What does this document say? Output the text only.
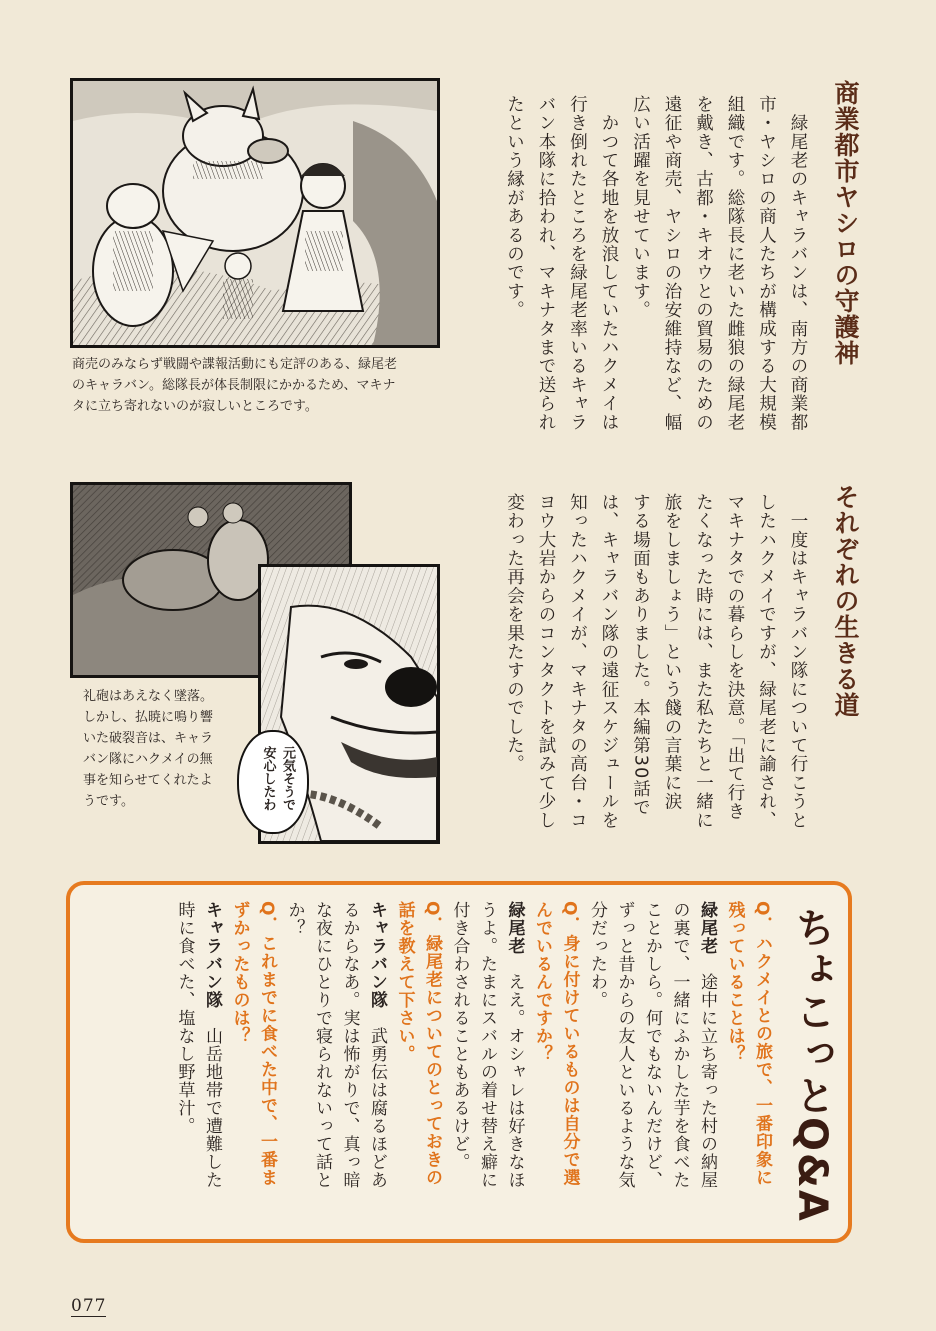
商業都市ヤシロの守護神
　緑尾老のキャラバンは、南方の商業都
市・ヤシロの商人たちが構成する大規模
組織です。総隊長に老いた雌狼の緑尾老
を戴き、古都・キオウとの貿易のための
遠征や商売、ヤシロの治安維持など、幅
広い活躍を見せています。
　かつて各地を放浪していたハクメイは
行き倒れたところを緑尾老率いるキャラ
バン本隊に拾われ、マキナタまで送られ
たという縁があるのです。
商売のみならず戦闘や諜報活動にも定評のある、緑尾老
のキャラバン。総隊長が体長制限にかかるため、マキナ
タに立ち寄れないのが寂しいところです。
それぞれの生きる道
　一度はキャラバン隊について行こうと
したハクメイですが、緑尾老に諭され、
マキナタでの暮らしを決意。「出て行き
たくなった時には、また私たちと一緒に
旅をしましょう」という餞の言葉に涙
する場面もありました。本編第30話で
は、キャラバン隊の遠征スケジュールを
知ったハクメイが、マキナタの高台・コ
ヨウ大岩からのコンタクトを試みて少し
変わった再会を果たすのでした。
元気そうで
安心したわ
礼砲はあえなく墜落。
しかし、払暁に鳴り響
いた破裂音は、キャラ
バン隊にハクメイの無
事を知らせてくれたよ
うです。
ちょこっとQ&A
Q．ハクメイとの旅で、一番印象に
残っていることは？
緑尾老　途中に立ち寄った村の納屋
の裏で、一緒にふかした芋を食べた
ことかしら。何でもないんだけど、
ずっと昔からの友人といるような気
分だったわ。
Q．身に付けているものは自分で選
んでいるんですか？
緑尾老　ええ。オシャレは好きなほ
うよ。たまにスバルの着せ替え癖に
付き合わされることもあるけど。
Q．緑尾老についてのとっておきの
話を教えて下さい。
キャラバン隊　武勇伝は腐るほどあ
るからなあ。実は怖がりで、真っ暗
な夜にひとりで寝られないって話と
か？
Q．これまでに食べた中で、一番ま
ずかったものは？
キャラバン隊　山岳地帯で遭難した
時に食べた、塩なし野草汁。
077
